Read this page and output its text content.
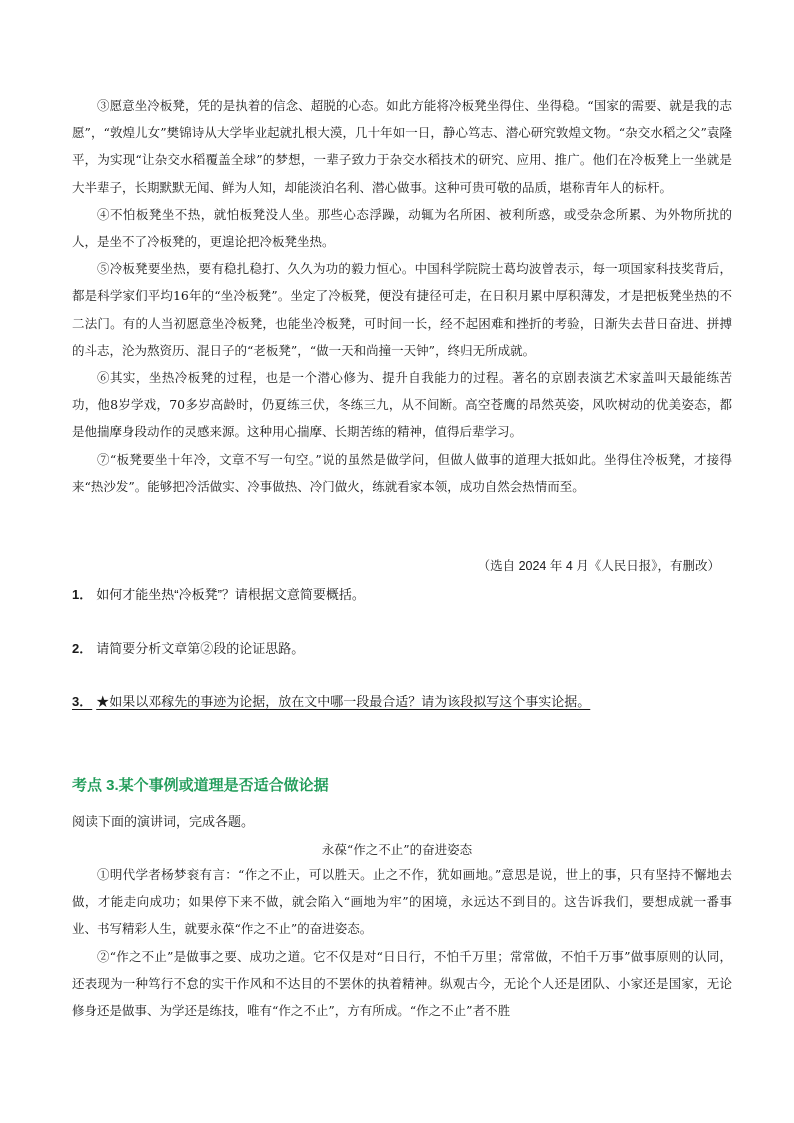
③愿意坐冷板凳，凭的是执着的信念、超脱的心态。如此方能将冷板凳坐得住、坐得稳。“国家的需要、就是我的志愿”，“敦煌儿女”樊锦诗从大学毕业起就扎根大漠，几十年如一日，静心笃志、潜心研究敦煌文物。“杂交水稻之父”袁隆平，为实现“让杂交水稻覆盖全球”的梦想，一辈子致力于杂交水稻技术的研究、应用、推广。他们在冷板凳上一坐就是大半辈子，长期默默无闻、鲜为人知，却能淡泊名利、潜心做事。这种可贵可敬的品质，堪称青年人的标杆。

④不怕板凳坐不热，就怕板凳没人坐。那些心态浮躁，动辄为名所困、被利所惑，或受杂念所累、为外物所扰的人，是坐不了冷板凳的，更遑论把冷板凳坐热。

⑤冷板凳要坐热，要有稳扎稳打、久久为功的毅力恒心。中国科学院院士葛均波曾表示，每一项国家科技奖背后，都是科学家们平均16年的“坐冷板凳”。坐定了冷板凳，便没有捷径可走，在日积月累中厚积薄发，才是把板凳坐热的不二法门。有的人当初愿意坐冷板凳，也能坐冷板凳，可时间一长，经不起困难和挫折的考验，日渐失去昔日奋进、拼搏的斗志，沦为熬资历、混日子的“老板凳”，“做一天和尚撞一天钟”，终归无所成就。

⑥其实，坐热冷板凳的过程，也是一个潜心修为、提升自我能力的过程。著名的京剧表演艺术家盖叫天最能练苦功，他8岁学戏，70多岁高龄时，仍夏练三伏，冬练三九，从不间断。高空苍鹰的昂然英姿，风吹树动的优美姿态，都是他揣摩身段动作的灵感来源。这种用心揣摩、长期苦练的精神，值得后辈学习。

⑦“板凳要坐十年冷，文章不写一句空。”说的虽然是做学问，但做人做事的道理大抵如此。坐得住冷板凳，才接得来“热沙发”。能够把冷活做实、冷事做热、冷门做火，练就看家本领，成功自然会热情而至。

（选自 2024 年 4 月《人民日报》，有删改）

1． 如何才能坐热“冷板凳”？请根据文意简要概括。

2． 请简要分析文章第②段的论证思路。

3． ★如果以邓稼先的事迹为论据，放在文中哪一段最合适？请为该段拟写这个事实论据。

考点 3.某个事例或道理是否适合做论据

阅读下面的演讲词，完成各题。

永葆“作之不止”的奋进姿态

①明代学者杨梦衮有言：“作之不止，可以胜天。止之不作，犹如画地。”意思是说，世上的事，只有坚持不懈地去做，才能走向成功；如果停下来不做，就会陷入“画地为牢”的困境，永远达不到目的。这告诉我们，要想成就一番事业、书写精彩人生，就要永葆“作之不止”的奋进姿态。

②“作之不止”是做事之要、成功之道。它不仅是对“日日行，不怕千万里；常常做，不怕千万事”做事原则的认同，还表现为一种笃行不怠的实干作风和不达目的不罢休的执着精神。纵观古今，无论个人还是团队、小家还是国家，无论修身还是做事、为学还是练技，唯有“作之不止”，方有所成。“作之不止”者不胜
